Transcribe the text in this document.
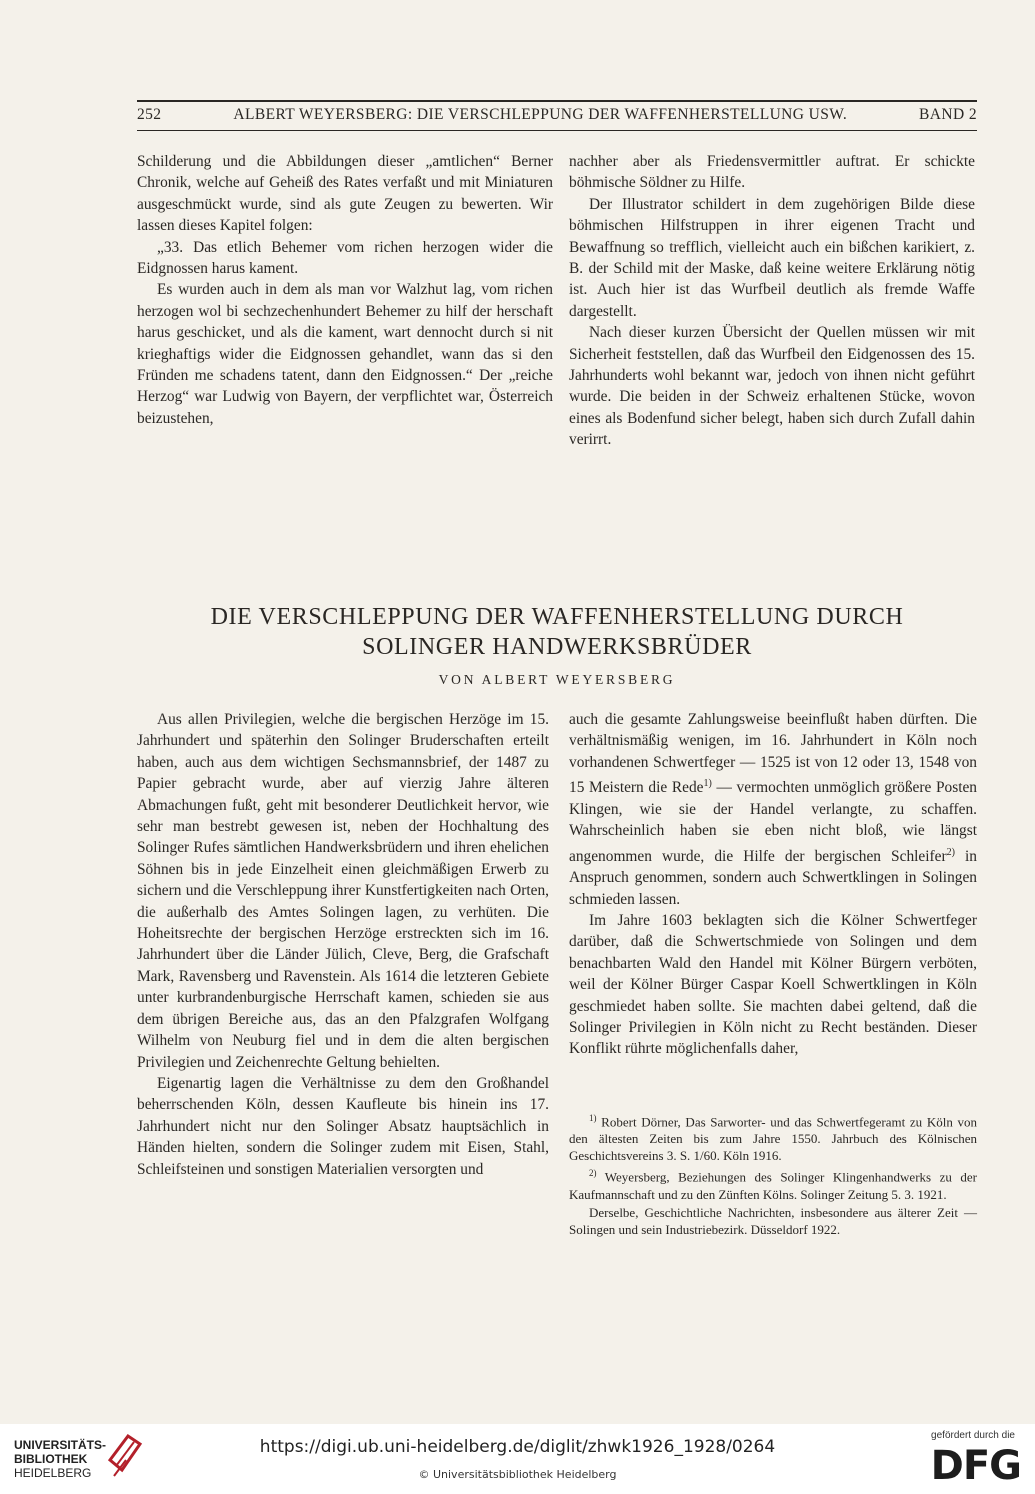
252	ALBERT WEYERSBERG: DIE VERSCHLEPPUNG DER WAFFENHERSTELLUNG USW.	BAND 2

Schilderung und die Abbildungen dieser „amtlichen“ Berner Chronik, welche auf Geheiß des Rates verfaßt und mit Miniaturen ausgeschmückt wurde, sind als gute Zeugen zu bewerten. Wir lassen dieses Kapitel folgen:

„33. Das etlich Behemer vom richen herzogen wider die Eidgnossen harus kament.

Es wurden auch in dem als man vor Walzhut lag, vom richen herzogen wol bi sechzechenhundert Behemer zu hilf der herschaft harus geschicket, und als die kament, wart dennocht durch si nit krieghaftigs wider die Eidgnossen gehandlet, wann das si den Fründen me schadens tatent, dann den Eidgnossen.“ Der „reiche Herzog“ war Ludwig von Bayern, der verpflichtet war, Österreich beizustehen,

nachher aber als Friedensvermittler auftrat. Er schickte böhmische Söldner zu Hilfe.

Der Illustrator schildert in dem zugehörigen Bilde diese böhmischen Hilfstruppen in ihrer eigenen Tracht und Bewaffnung so trefflich, vielleicht auch ein bißchen karikiert, z. B. der Schild mit der Maske, daß keine weitere Erklärung nötig ist. Auch hier ist das Wurfbeil deutlich als fremde Waffe dargestellt.

Nach dieser kurzen Übersicht der Quellen müssen wir mit Sicherheit feststellen, daß das Wurfbeil den Eidgenossen des 15. Jahrhunderts wohl bekannt war, jedoch von ihnen nicht geführt wurde. Die beiden in der Schweiz erhaltenen Stücke, wovon eines als Bodenfund sicher belegt, haben sich durch Zufall dahin verirrt.

DIE VERSCHLEPPUNG DER WAFFENHERSTELLUNG DURCH
SOLINGER HANDWERKSBRÜDER
VON ALBERT WEYERSBERG

Aus allen Privilegien, welche die bergischen Herzöge im 15. Jahrhundert und späterhin den Solinger Bruderschaften erteilt haben, auch aus dem wichtigen Sechsmannsbrief, der 1487 zu Papier gebracht wurde, aber auf vierzig Jahre älteren Abmachungen fußt, geht mit besonderer Deutlichkeit hervor, wie sehr man bestrebt gewesen ist, neben der Hochhaltung des Solinger Rufes sämtlichen Handwerksbrüdern und ihren ehelichen Söhnen bis in jede Einzelheit einen gleichmäßigen Erwerb zu sichern und die Verschleppung ihrer Kunstfertigkeiten nach Orten, die außerhalb des Amtes Solingen lagen, zu verhüten. Die Hoheitsrechte der bergischen Herzöge erstreckten sich im 16. Jahrhundert über die Länder Jülich, Cleve, Berg, die Grafschaft Mark, Ravensberg und Ravenstein. Als 1614 die letzteren Gebiete unter kurbrandenburgische Herrschaft kamen, schieden sie aus dem übrigen Bereiche aus, das an den Pfalzgrafen Wolfgang Wilhelm von Neuburg fiel und in dem die alten bergischen Privilegien und Zeichenrechte Geltung behielten.

Eigenartig lagen die Verhältnisse zu dem den Großhandel beherrschenden Köln, dessen Kaufleute bis hinein ins 17. Jahrhundert nicht nur den Solinger Absatz hauptsächlich in Händen hielten, sondern die Solinger zudem mit Eisen, Stahl, Schleifsteinen und sonstigen Materialien versorgten und

auch die gesamte Zahlungsweise beeinflußt haben dürften. Die verhältnismäßig wenigen, im 16. Jahrhundert in Köln noch vorhandenen Schwertfeger — 1525 ist von 12 oder 13, 1548 von 15 Meistern die Rede$^{1)}$ — vermochten unmöglich größere Posten Klingen, wie sie der Handel verlangte, zu schaffen. Wahrscheinlich haben sie eben nicht bloß, wie längst angenommen wurde, die Hilfe der bergischen Schleifer$^{2)}$ in Anspruch genommen, sondern auch Schwertklingen in Solingen schmieden lassen.

Im Jahre 1603 beklagten sich die Kölner Schwertfeger darüber, daß die Schwertschmiede von Solingen und dem benachbarten Wald den Handel mit Kölner Bürgern verböten, weil der Kölner Bürger Caspar Koell Schwertklingen in Köln geschmiedet haben sollte. Sie machten dabei geltend, daß die Solinger Privilegien in Köln nicht zu Recht beständen. Dieser Konflikt rührte möglichenfalls daher,

$^{1)}$ Robert Dörner, Das Sarworter- und das Schwertfegeramt zu Köln von den ältesten Zeiten bis zum Jahre 1550. Jahrbuch des Kölnischen Geschichtsvereins 3. S. 1/60. Köln 1916.

$^{2)}$ Weyersberg, Beziehungen des Solinger Klingenhandwerks zu der Kaufmannschaft und zu den Zünften Kölns. Solinger Zeitung 5. 3. 1921.

Derselbe, Geschichtliche Nachrichten, insbesondere aus älterer Zeit — Solingen und sein Industriebezirk. Düsseldorf 1922.

UNIVERSITÄTS-
BIBLIOTHEK
HEIDELBERG
https://digi.ub.uni-heidelberg.de/diglit/zhwk1926_1928/0264
© Universitätsbibliothek Heidelberg
gefördert durch die
DFG
